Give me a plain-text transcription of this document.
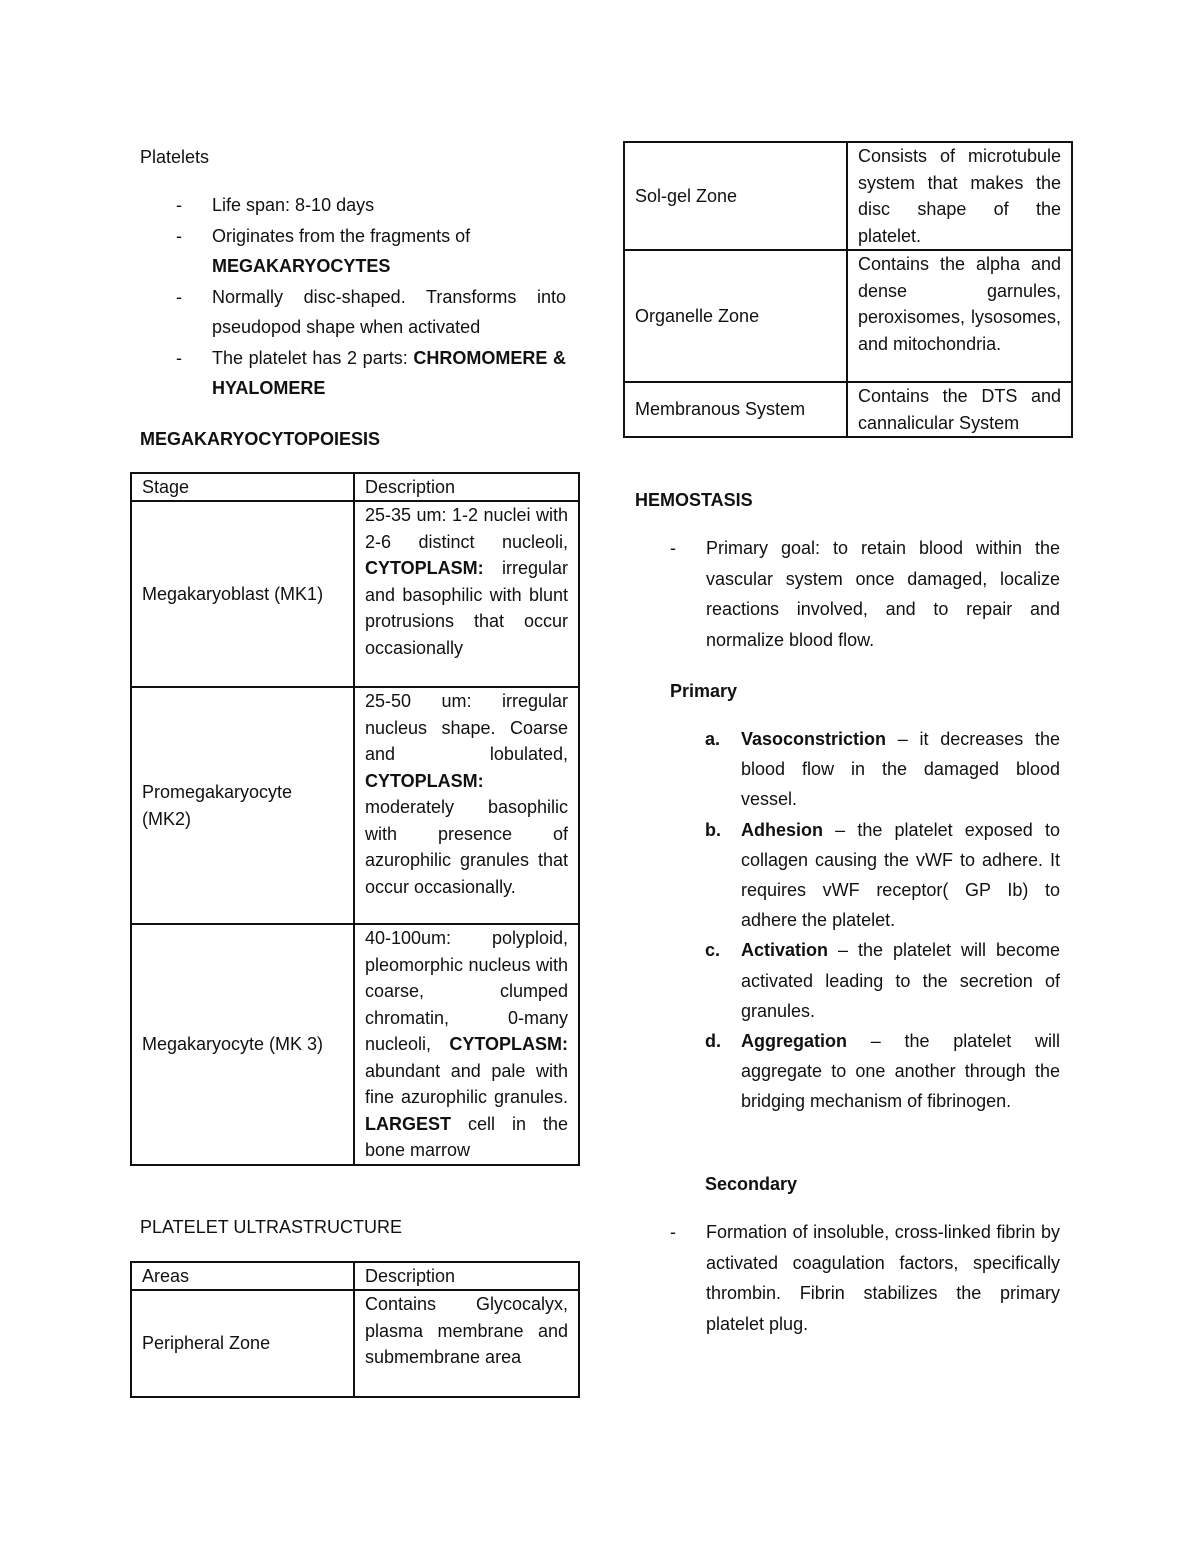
Platelets
- Life span: 8-10 days
- Originates from the fragments of
MEGAKARYOCYTES
- Normally disc-shaped. Transforms into pseudopod shape when activated
- The platelet has 2 parts: CHROMOMERE & HYALOMERE
MEGAKARYOCYTOPOIESIS
Stage	Description
Megakaryoblast (MK1)	25-35 um: 1-2 nuclei with 2-6 distinct nucleoli, CYTOPLASM: irregular and basophilic with blunt protrusions that occur occasionally
Promegakaryocyte (MK2)	25-50 um: irregular nucleus shape. Coarse and lobulated, CYTOPLASM: moderately basophilic with presence of azurophilic granules that occur occasionally.
Megakaryocyte (MK 3)	40-100um: polyploid, pleomorphic nucleus with coarse, clumped chromatin, 0-many nucleoli, CYTOPLASM: abundant and pale with fine azurophilic granules. LARGEST cell in the bone marrow
PLATELET ULTRASTRUCTURE
Areas	Description
Peripheral Zone	Contains Glycocalyx, plasma membrane and submembrane area
Sol-gel Zone	Consists of microtubule system that makes the disc shape of the platelet.
Organelle Zone	Contains the alpha and dense garnules, peroxisomes, lysosomes, and mitochondria.
Membranous System	Contains the DTS and cannalicular System
HEMOSTASIS
- Primary goal: to retain blood within the vascular system once damaged, localize reactions involved, and to repair and normalize blood flow.
Primary
a. Vasoconstriction – it decreases the blood flow in the damaged blood vessel.
b. Adhesion – the platelet exposed to collagen causing the vWF to adhere. It requires vWF receptor( GP Ib) to adhere the platelet.
c. Activation – the platelet will become activated leading to the secretion of granules.
d. Aggregation – the platelet will aggregate to one another through the bridging mechanism of fibrinogen.
Secondary
- Formation of insoluble, cross-linked fibrin by activated coagulation factors, specifically thrombin. Fibrin stabilizes the primary platelet plug.
